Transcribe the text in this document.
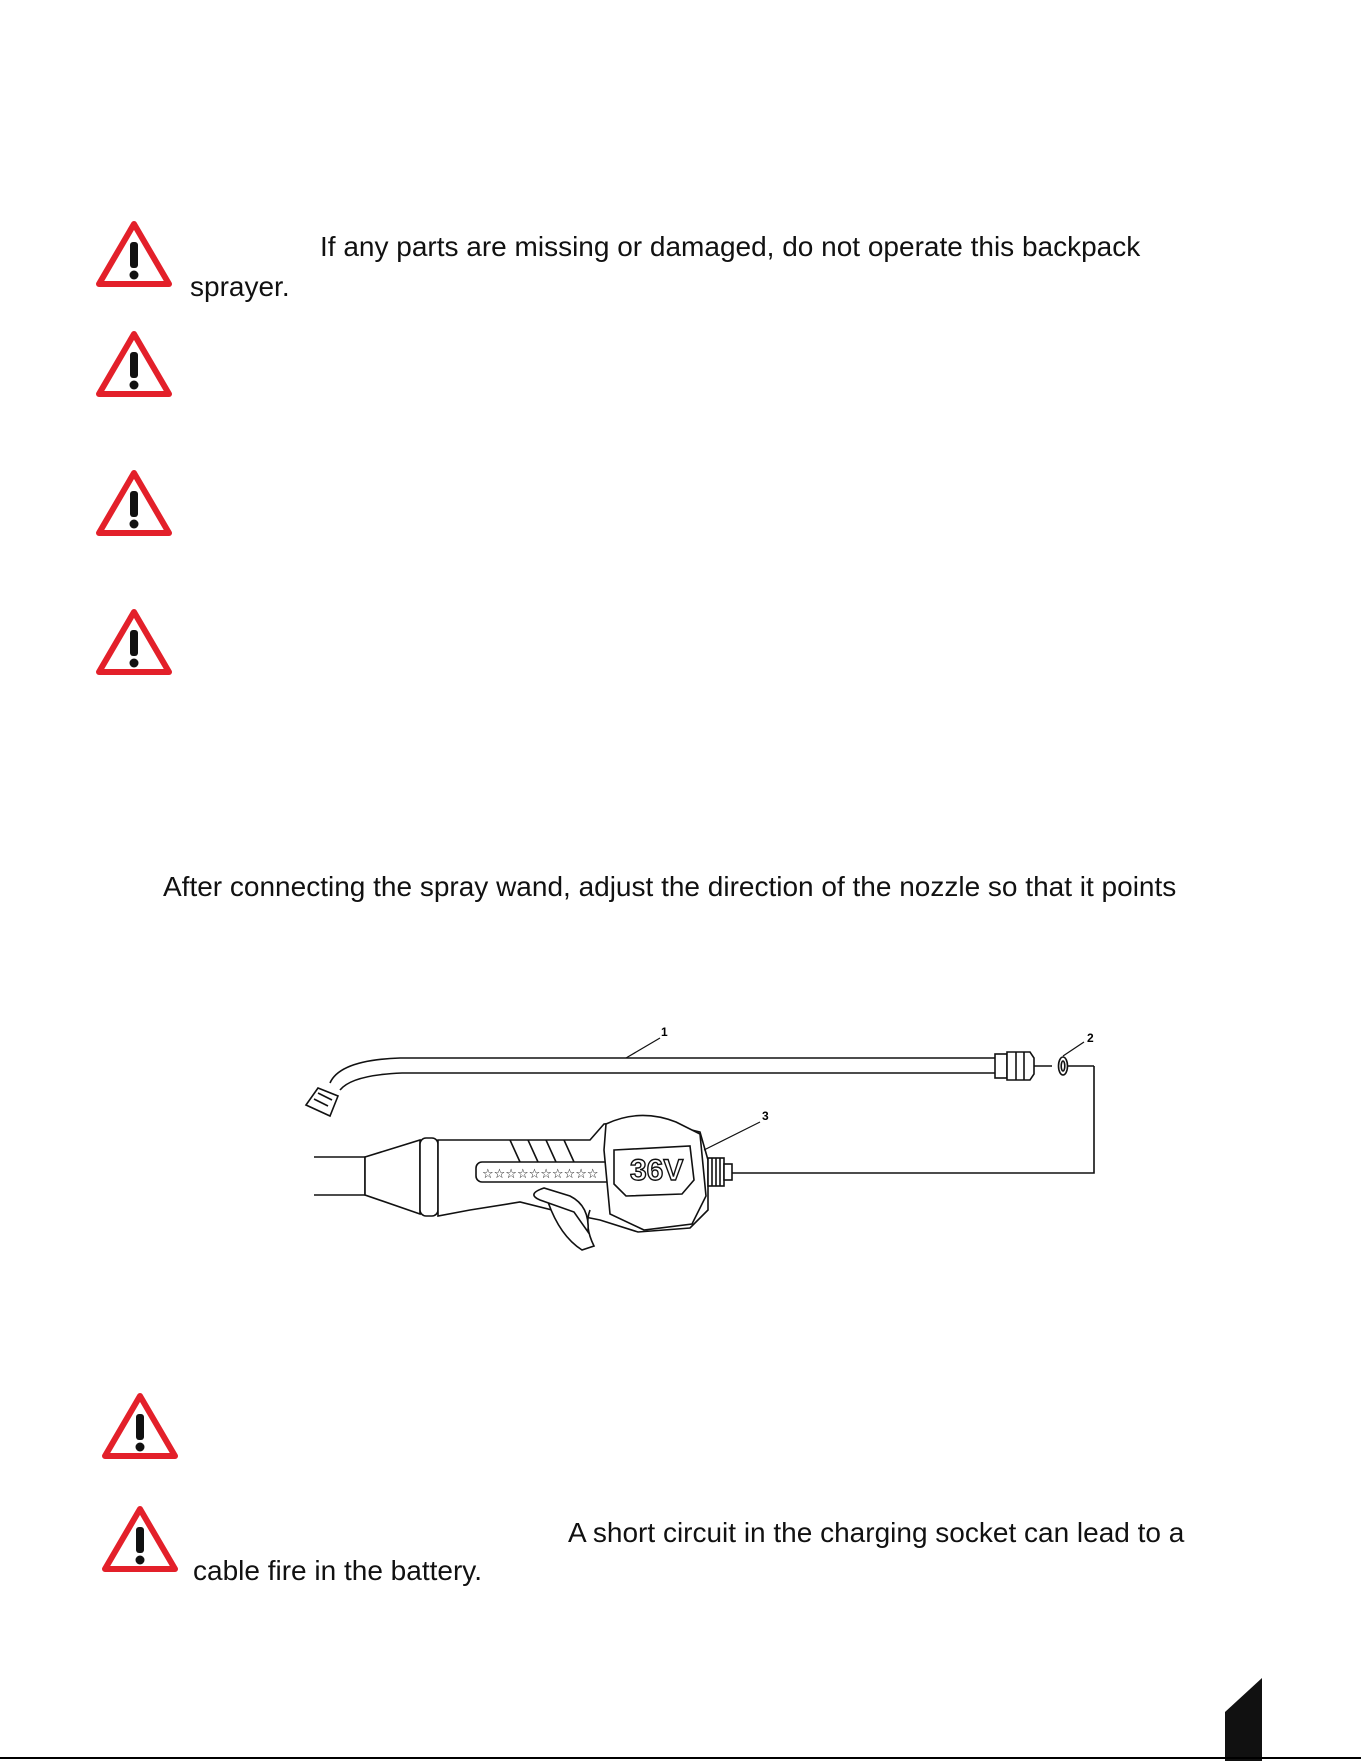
If any parts are missing or damaged, do not operate this backpack

sprayer.

After connecting the spray wand, adjust the direction of the nozzle so that it points

☆☆☆☆☆☆☆☆☆☆ 36V
1	2
3

A short circuit in the charging socket can lead to a

cable fire in the battery.
